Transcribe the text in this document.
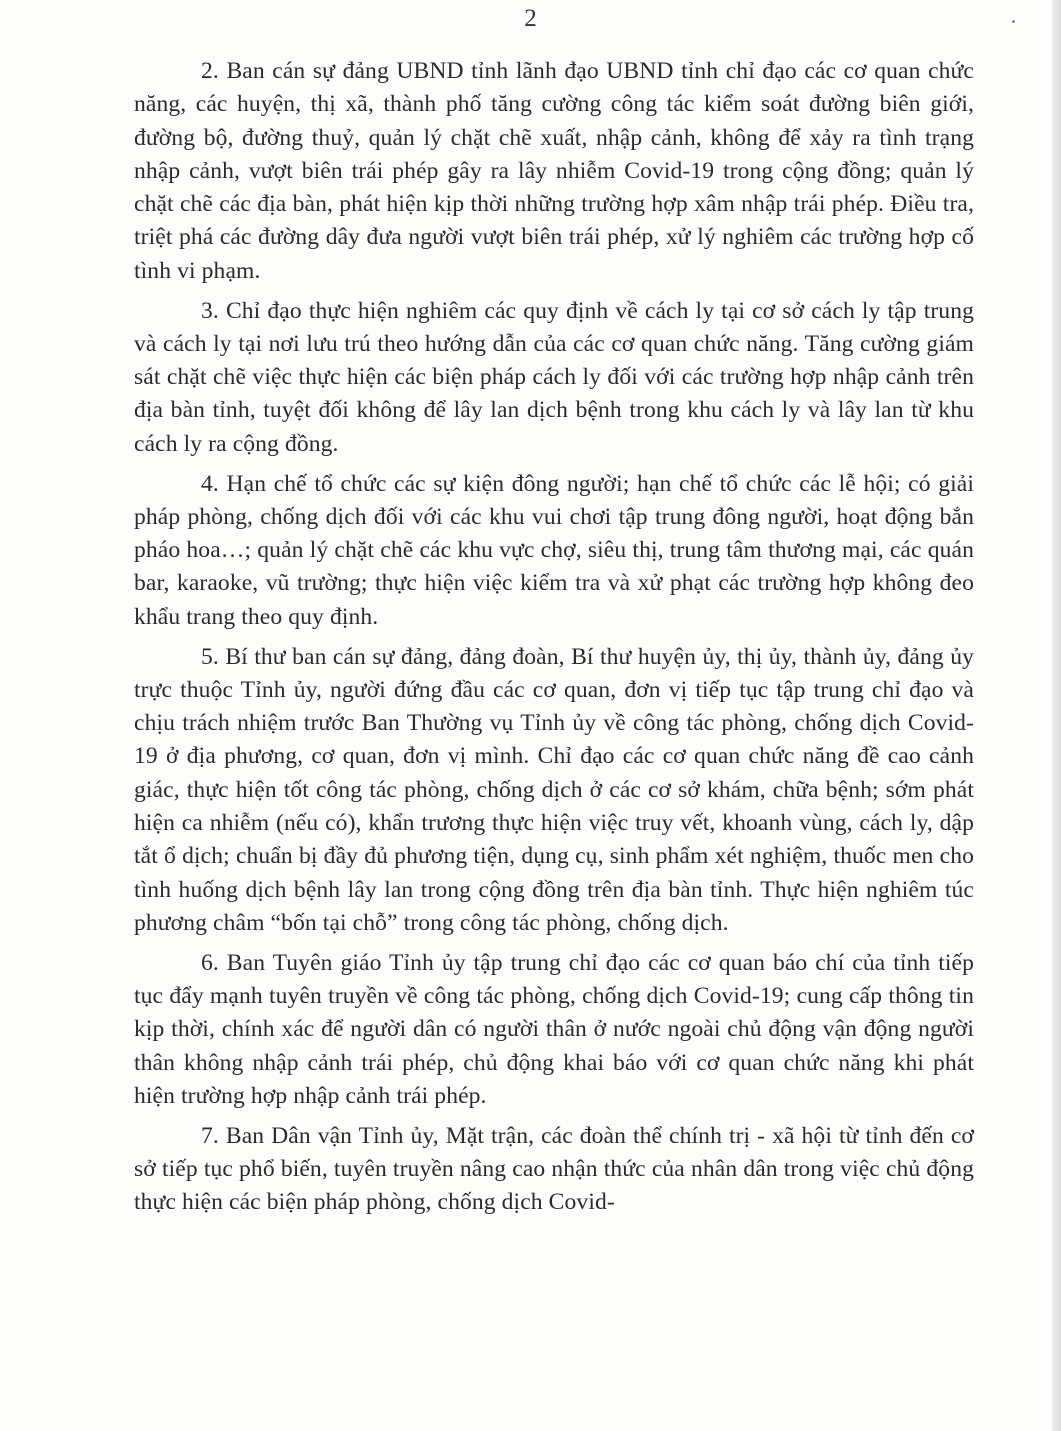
2

2. Ban cán sự đảng UBND tỉnh lãnh đạo UBND tỉnh chỉ đạo các cơ quan chức năng, các huyện, thị xã, thành phố tăng cường công tác kiểm soát đường biên giới, đường bộ, đường thuỷ, quản lý chặt chẽ xuất, nhập cảnh, không để xảy ra tình trạng nhập cảnh, vượt biên trái phép gây ra lây nhiễm Covid-19 trong cộng đồng; quản lý chặt chẽ các địa bàn, phát hiện kịp thời những trường hợp xâm nhập trái phép. Điều tra, triệt phá các đường dây đưa người vượt biên trái phép, xử lý nghiêm các trường hợp cố tình vi phạm.

3. Chỉ đạo thực hiện nghiêm các quy định về cách ly tại cơ sở cách ly tập trung và cách ly tại nơi lưu trú theo hướng dẫn của các cơ quan chức năng. Tăng cường giám sát chặt chẽ việc thực hiện các biện pháp cách ly đối với các trường hợp nhập cảnh trên địa bàn tỉnh, tuyệt đối không để lây lan dịch bệnh trong khu cách ly và lây lan từ khu cách ly ra cộng đồng.

4. Hạn chế tổ chức các sự kiện đông người; hạn chế tổ chức các lễ hội; có giải pháp phòng, chống dịch đối với các khu vui chơi tập trung đông người, hoạt động bắn pháo hoa…; quản lý chặt chẽ các khu vực chợ, siêu thị, trung tâm thương mại, các quán bar, karaoke, vũ trường; thực hiện việc kiểm tra và xử phạt các trường hợp không đeo khẩu trang theo quy định.

5. Bí thư ban cán sự đảng, đảng đoàn, Bí thư huyện ủy, thị ủy, thành ủy, đảng ủy trực thuộc Tỉnh ủy, người đứng đầu các cơ quan, đơn vị tiếp tục tập trung chỉ đạo và chịu trách nhiệm trước Ban Thường vụ Tỉnh ủy về công tác phòng, chống dịch Covid-19 ở địa phương, cơ quan, đơn vị mình. Chỉ đạo các cơ quan chức năng đề cao cảnh giác, thực hiện tốt công tác phòng, chống dịch ở các cơ sở khám, chữa bệnh; sớm phát hiện ca nhiễm (nếu có), khẩn trương thực hiện việc truy vết, khoanh vùng, cách ly, dập tắt ổ dịch; chuẩn bị đầy đủ phương tiện, dụng cụ, sinh phẩm xét nghiệm, thuốc men cho tình huống dịch bệnh lây lan trong cộng đồng trên địa bàn tỉnh. Thực hiện nghiêm túc phương châm “bốn tại chỗ” trong công tác phòng, chống dịch.

6. Ban Tuyên giáo Tỉnh ủy tập trung chỉ đạo các cơ quan báo chí của tỉnh tiếp tục đẩy mạnh tuyên truyền về công tác phòng, chống dịch Covid-19; cung cấp thông tin kịp thời, chính xác để người dân có người thân ở nước ngoài chủ động vận động người thân không nhập cảnh trái phép, chủ động khai báo với cơ quan chức năng khi phát hiện trường hợp nhập cảnh trái phép.

7. Ban Dân vận Tỉnh ủy, Mặt trận, các đoàn thể chính trị - xã hội từ tỉnh đến cơ sở tiếp tục phổ biến, tuyên truyền nâng cao nhận thức của nhân dân trong việc chủ động thực hiện các biện pháp phòng, chống dịch Covid-
